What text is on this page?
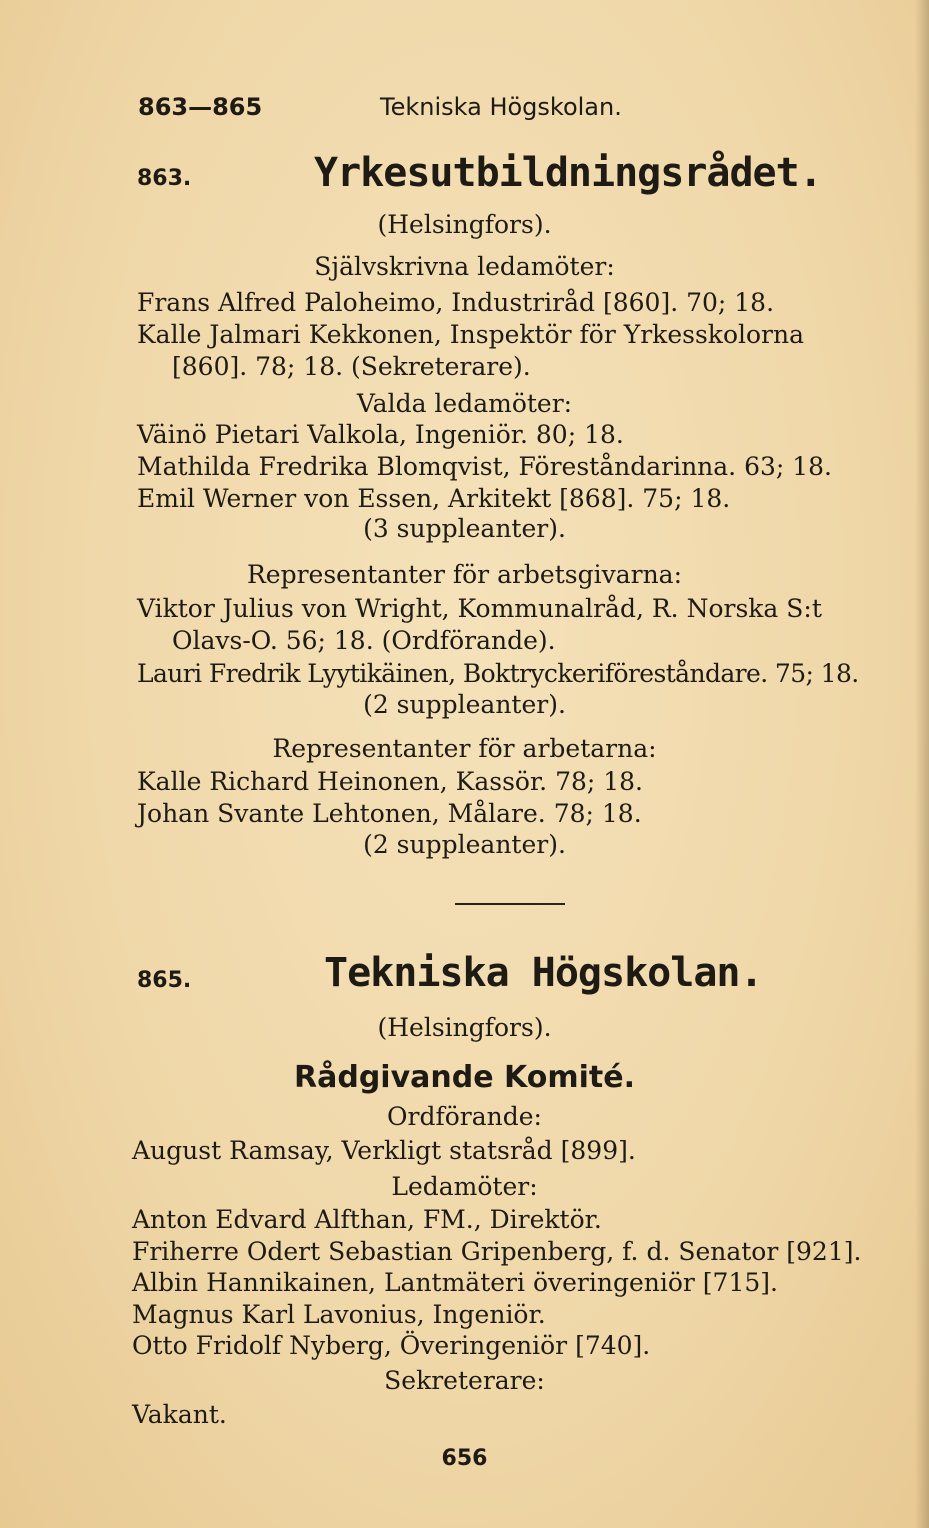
863—865	Tekniska Högskolan.
863.	Yrkesutbildningsrådet.
(Helsingfors).
Självskrivna ledamöter:
Frans Alfred Paloheimo, Industriråd [860]. 70; 18.
Kalle Jalmari Kekkonen, Inspektör för Yrkesskolorna
[860]. 78; 18. (Sekreterare).
Valda ledamöter:
Väinö Pietari Valkola, Ingeniör. 80; 18.
Mathilda Fredrika Blomqvist, Föreståndarinna. 63; 18.
Emil Werner von Essen, Arkitekt [868]. 75; 18.
(3 suppleanter).
Representanter för arbetsgivarna:
Viktor Julius von Wright, Kommunalråd, R. Norska S:t
Olavs-O. 56; 18. (Ordförande).
Lauri Fredrik Lyytikäinen, Boktryckeriföreståndare. 75; 18.
(2 suppleanter).
Representanter för arbetarna:
Kalle Richard Heinonen, Kassör. 78; 18.
Johan Svante Lehtonen, Målare. 78; 18.
(2 suppleanter).
865.	Tekniska Högskolan.
(Helsingfors).
Rådgivande Komité.
Ordförande:
August Ramsay, Verkligt statsråd [899].
Ledamöter:
Anton Edvard Alfthan, FM., Direktör.
Friherre Odert Sebastian Gripenberg, f. d. Senator [921].
Albin Hannikainen, Lantmäteri överingeniör [715].
Magnus Karl Lavonius, Ingeniör.
Otto Fridolf Nyberg, Överingeniör [740].
Sekreterare:
Vakant.
656
